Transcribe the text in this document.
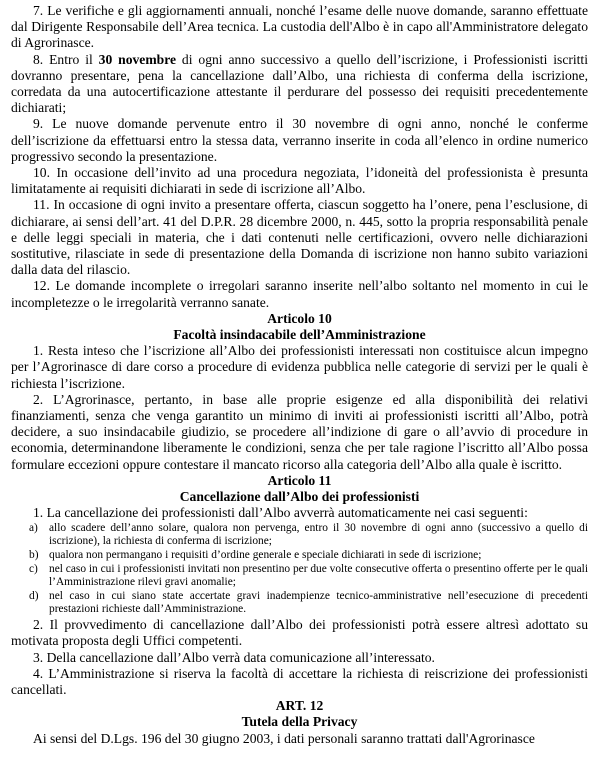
7. Le verifiche e gli aggiornamenti annuali, nonché l’esame delle nuove domande, saranno effettuate dal Dirigente Responsabile dell’Area tecnica. La custodia dell'Albo è in capo all'Amministratore delegato di Agrorinasce.

8. Entro il 30 novembre di ogni anno successivo a quello dell’iscrizione, i Professionisti iscritti dovranno presentare, pena la cancellazione dall’Albo, una richiesta di conferma della iscrizione, corredata da una autocertificazione attestante il perdurare del possesso dei requisiti precedentemente dichiarati;

9. Le nuove domande pervenute entro il 30 novembre di ogni anno, nonché le conferme dell’iscrizione da effettuarsi entro la stessa data, verranno inserite in coda all’elenco in ordine numerico progressivo secondo la presentazione.

10. In occasione dell’invito ad una procedura negoziata, l’idoneità del professionista è presunta limitatamente ai requisiti dichiarati in sede di iscrizione all’Albo.

11. In occasione di ogni invito a presentare offerta, ciascun soggetto ha l’onere, pena l’esclusione, di dichiarare, ai sensi dell’art. 41 del D.P.R. 28 dicembre 2000, n. 445, sotto la propria responsabilità penale e delle leggi speciali in materia, che i dati contenuti nelle certificazioni, ovvero nelle dichiarazioni sostitutive, rilasciate in sede di presentazione della Domanda di iscrizione non hanno subito variazioni dalla data del rilascio.

12. Le domande incomplete o irregolari saranno inserite nell’albo soltanto nel momento in cui le incompletezze o le irregolarità verranno sanate.

Articolo 10
Facoltà insindacabile dell’Amministrazione

1. Resta inteso che l’iscrizione all’Albo dei professionisti interessati non costituisce alcun impegno per l’Agrorinasce di dare corso a procedure di evidenza pubblica nelle categorie di servizi per le quali è richiesta l’iscrizione.

2. L’Agrorinasce, pertanto, in base alle proprie esigenze ed alla disponibilità dei relativi finanziamenti, senza che venga garantito un minimo di inviti ai professionisti iscritti all’Albo, potrà decidere, a suo insindacabile giudizio, se procedere all’indizione di gare o all’avvio di procedure in economia, determinandone liberamente le condizioni, senza che per tale ragione l’iscritto all’Albo possa formulare eccezioni oppure contestare il mancato ricorso alla categoria dell’Albo alla quale è iscritto.

Articolo 11
Cancellazione dall’Albo dei professionisti

1. La cancellazione dei professionisti dall’Albo avverrà automaticamente nei casi seguenti:

a) allo scadere dell’anno solare, qualora non pervenga, entro il 30 novembre di ogni anno (successivo a quello di iscrizione), la richiesta di conferma di iscrizione;
b) qualora non permangano i requisiti d’ordine generale e speciale dichiarati in sede di iscrizione;
c) nel caso in cui i professionisti invitati non presentino per due volte consecutive offerta o presentino offerte per le quali l’Amministrazione rilevi gravi anomalie;
d) nel caso in cui siano state accertate gravi inadempienze tecnico-amministrative nell’esecuzione di precedenti prestazioni richieste dall’Amministrazione.

2. Il provvedimento di cancellazione dall’Albo dei professionisti potrà essere altresì adottato su motivata proposta degli Uffici competenti.

3. Della cancellazione dall’Albo verrà data comunicazione all’interessato.

4. L’Amministrazione si riserva la facoltà di accettare la richiesta di reiscrizione dei professionisti cancellati.

ART. 12
Tutela della Privacy

Ai sensi del D.Lgs. 196 del 30 giugno 2003, i dati personali saranno trattati dall'Agrorinasce
